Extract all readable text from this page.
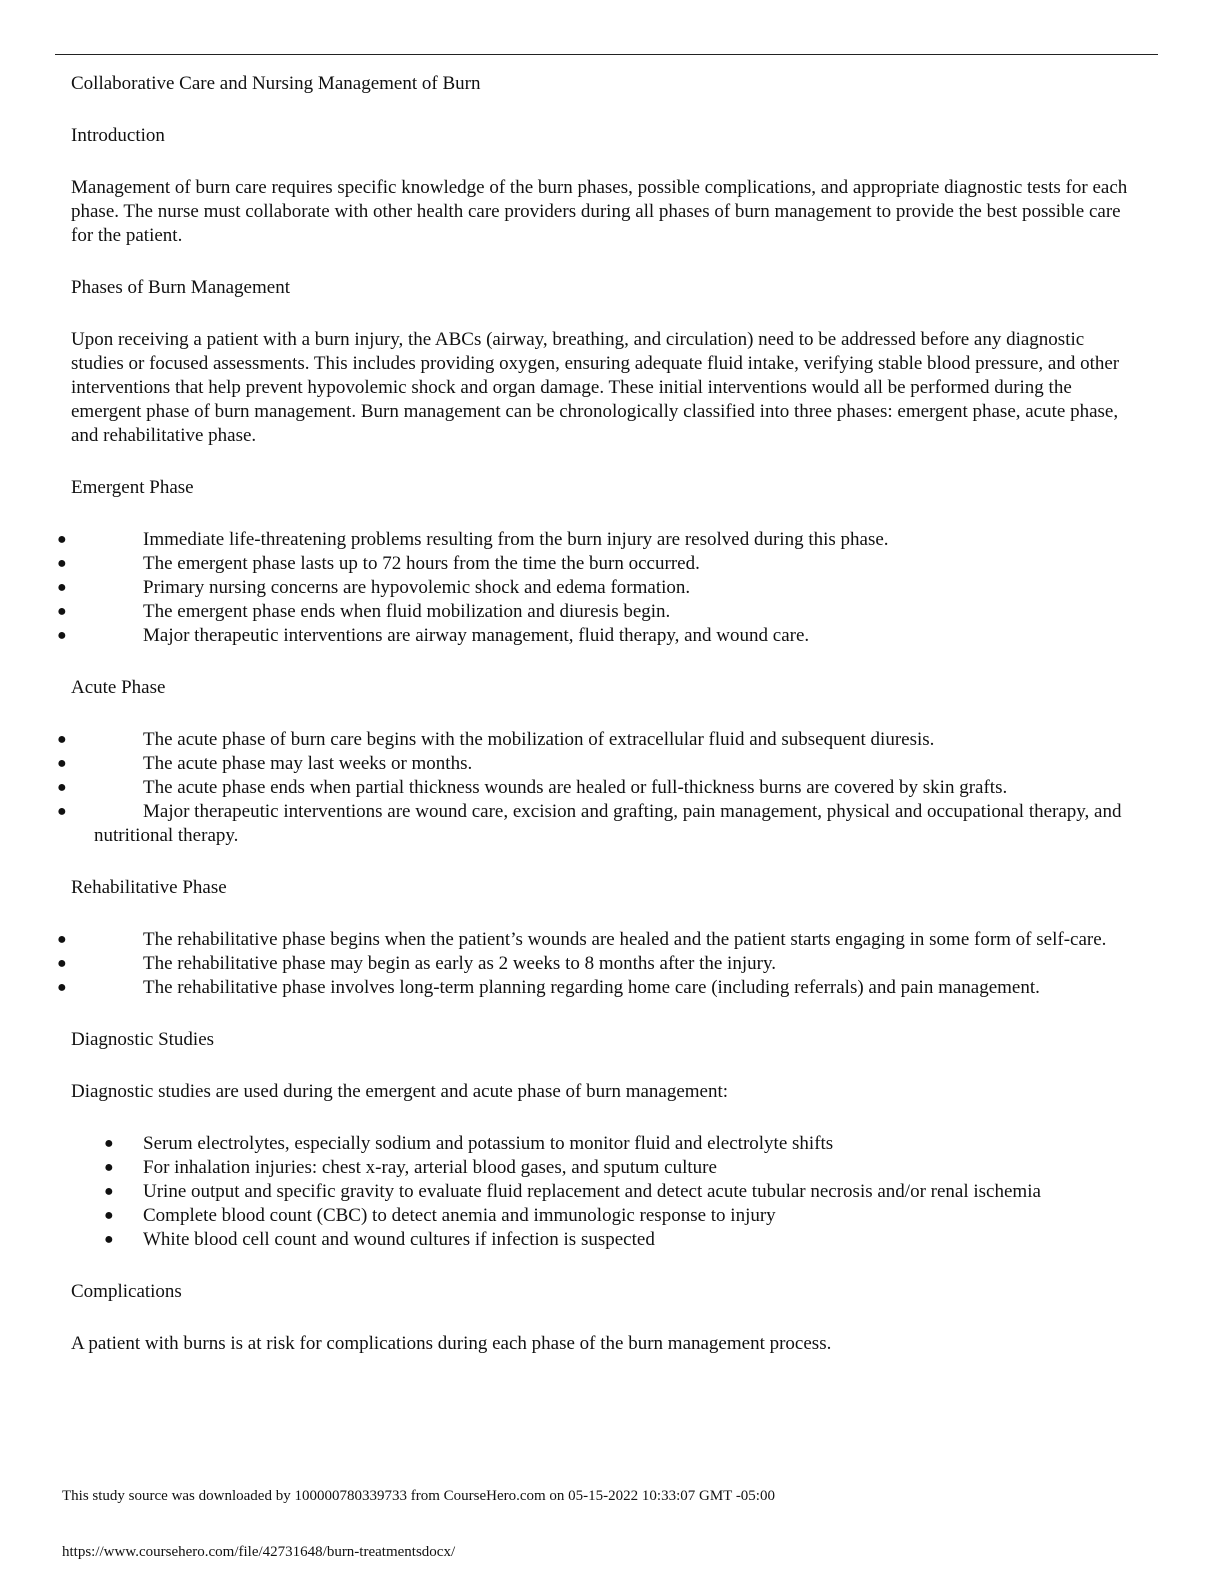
Collaborative Care and Nursing Management of Burn

Introduction

Management of burn care requires specific knowledge of the burn phases, possible complications, and appropriate diagnostic tests for each phase. The nurse must collaborate with other health care providers during all phases of burn management to provide the best possible care for the patient.

Phases of Burn Management

Upon receiving a patient with a burn injury, the ABCs (airway, breathing, and circulation) need to be addressed before any diagnostic studies or focused assessments. This includes providing oxygen, ensuring adequate fluid intake, verifying stable blood pressure, and other interventions that help prevent hypovolemic shock and organ damage. These initial interventions would all be performed during the emergent phase of burn management. Burn management can be chronologically classified into three phases: emergent phase, acute phase, and rehabilitative phase.

Emergent Phase

●	Immediate life-threatening problems resulting from the burn injury are resolved during this phase.
●	The emergent phase lasts up to 72 hours from the time the burn occurred.
●	Primary nursing concerns are hypovolemic shock and edema formation.
●	The emergent phase ends when fluid mobilization and diuresis begin.
●	Major therapeutic interventions are airway management, fluid therapy, and wound care.

Acute Phase

●	The acute phase of burn care begins with the mobilization of extracellular fluid and subsequent diuresis.
●	The acute phase may last weeks or months.
●	The acute phase ends when partial thickness wounds are healed or full-thickness burns are covered by skin grafts.
●	Major therapeutic interventions are wound care, excision and grafting, pain management, physical and occupational therapy, and nutritional therapy.

Rehabilitative Phase

●	The rehabilitative phase begins when the patient’s wounds are healed and the patient starts engaging in some form of self-care.
●	The rehabilitative phase may begin as early as 2 weeks to 8 months after the injury.
●	The rehabilitative phase involves long-term planning regarding home care (including referrals) and pain management.

Diagnostic Studies

Diagnostic studies are used during the emergent and acute phase of burn management:

● Serum electrolytes, especially sodium and potassium to monitor fluid and electrolyte shifts
● For inhalation injuries: chest x-ray, arterial blood gases, and sputum culture
● Urine output and specific gravity to evaluate fluid replacement and detect acute tubular necrosis and/or renal ischemia
● Complete blood count (CBC) to detect anemia and immunologic response to injury
● White blood cell count and wound cultures if infection is suspected

Complications

A patient with burns is at risk for complications during each phase of the burn management process.

This study source was downloaded by 100000780339733 from CourseHero.com on 05-15-2022 10:33:07 GMT -05:00
https://www.coursehero.com/file/42731648/burn-treatmentsdocx/
